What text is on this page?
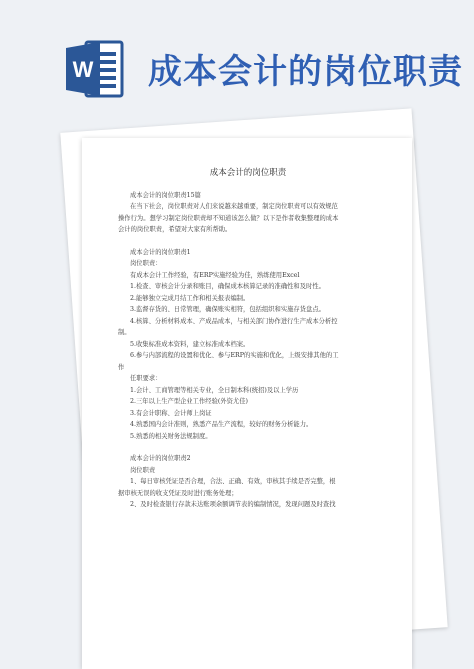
W 成本会计的岗位职责
成本会计的岗位职责
成本会计的岗位职责15篇
在当下社会，岗位职责对人们来说越来越重要，制定岗位职责可以有效规范
操作行为。想学习制定岗位职责却不知道该怎么做？以下是作者收集整理的成本
会计的岗位职责，希望对大家有所帮助。
成本会计的岗位职责1
岗位职责：
有成本会计工作经验，有ERP实施经验为佳，熟练使用Excel
1.检查、审核会计分录和账目，确保成本核算记录的准确性和及时性。
2.能够独立完成月结工作和相关报表编制。
3.监督存货的、日常管理，确保账实相符，包括组织和实施存货盘点。
4.核算、分析材料成本、产成品成本，与相关部门协作进行生产成本分析控
制。
5.收集标准成本资料，建立标准成本档案。
6.参与内部流程的设置和优化、参与ERP的实施和优化，上级安排其他的工
作
任职要求：
1.会计、工商管理等相关专业，全日制本科(统招)及以上学历
2.三年以上生产型企业工作经验(外资尤佳)
3.有会计职称、会计师上岗证
4.熟悉国内会计准则，熟悉产品生产流程，较好的财务分析能力。
5.熟悉的相关财务法规制度。
成本会计的岗位职责2
岗位职责
1、每日审核凭证是否合理，合法、正确、有效，审核其手续是否完整，根
据审核无误的收支凭证及时进行账务处理；
2、及时检查银行存款未达账项余额调节表的编制情况，发现问题及时查找
